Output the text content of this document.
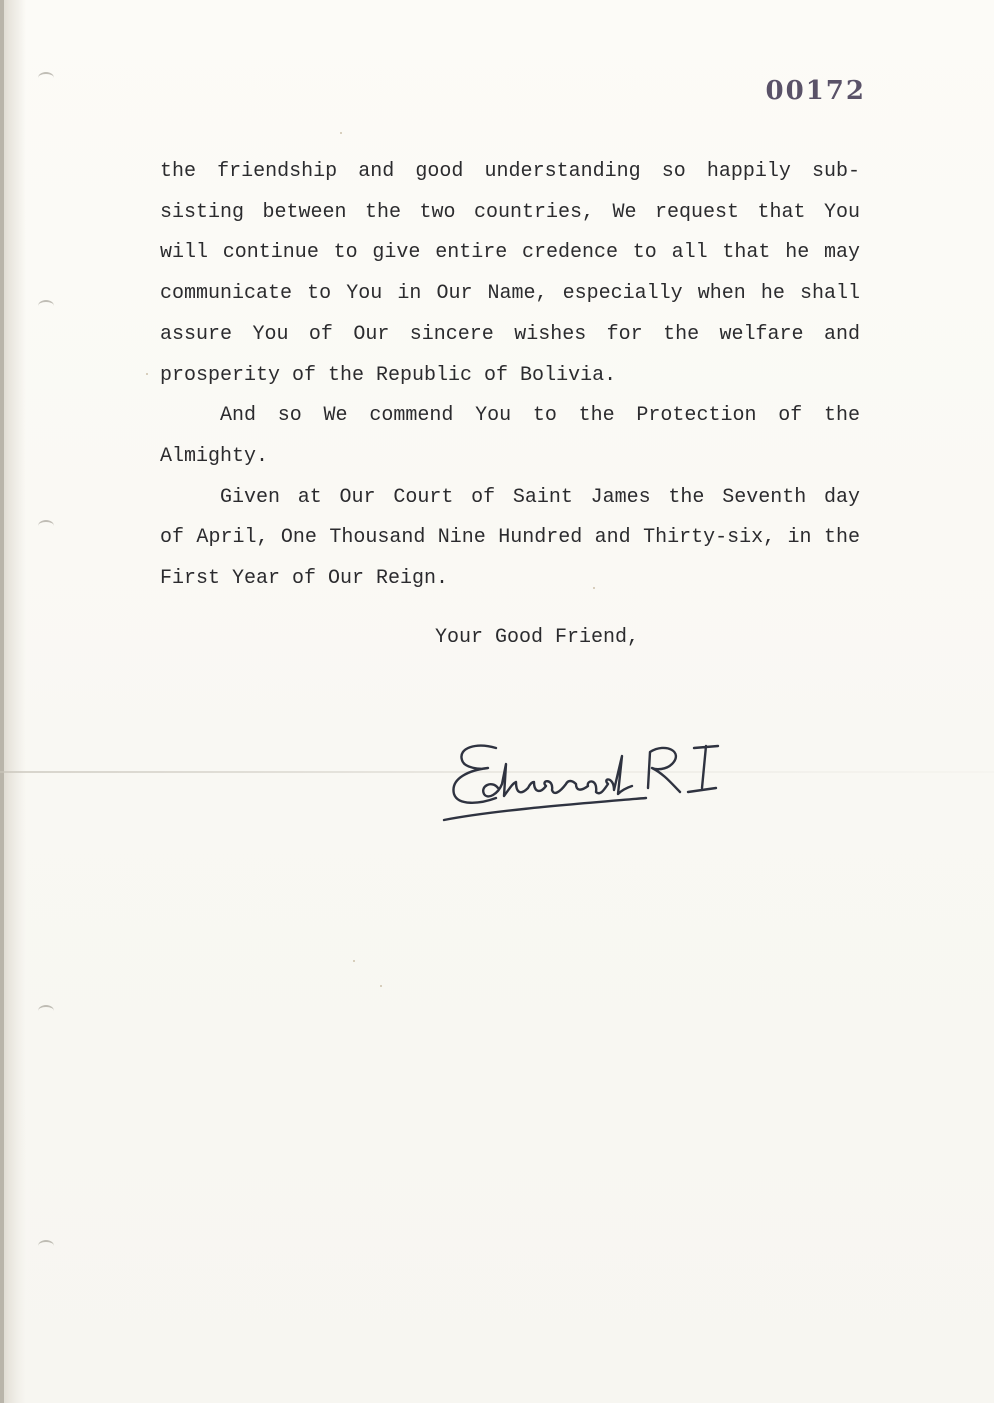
00172
the friendship and good understanding so happily sub-
sisting between the two countries, We request that You
will continue to give entire credence to all that he may
communicate to You in Our Name, especially when he shall
assure You of Our sincere wishes for the welfare and
prosperity of the Republic of Bolivia.
And so We commend You to the Protection of the
Almighty.
Given at Our Court of Saint James the Seventh day
of April, One Thousand Nine Hundred and Thirty-six, in the
First Year of Our Reign.
Your Good Friend,
